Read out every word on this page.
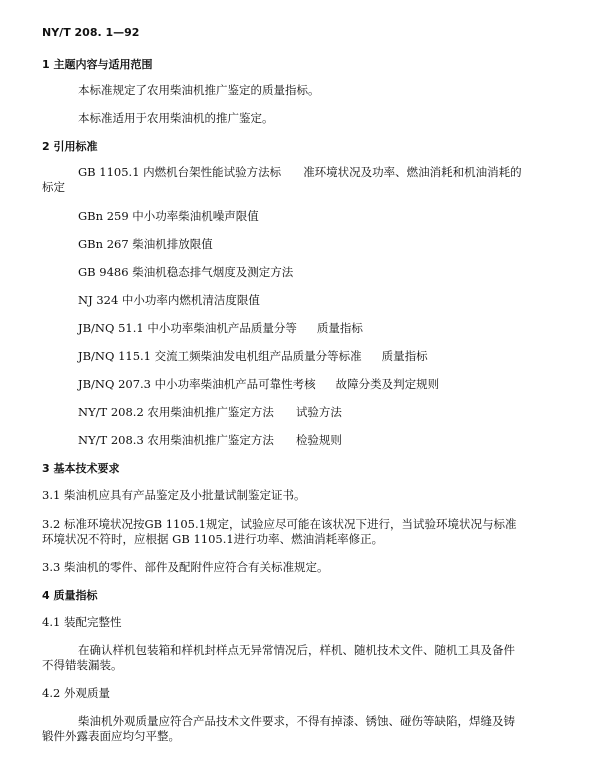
NY/T 208. 1—92
1 主题内容与适用范围
本标准规定了农用柴油机推广鉴定的质量指标。
本标准适用于农用柴油机的推广鉴定。
2 引用标准
GB 1105.1 内燃机台架性能试验方法标 准环境状况及功率、燃油消耗和机油消耗的
标定
GBn 259 中小功率柴油机噪声限值
GBn 267 柴油机排放限值
GB 9486 柴油机稳态排气烟度及测定方法
NJ 324 中小功率内燃机清洁度限值
JB/NQ 51.1 中小功率柴油机产品质量分等 质量指标
JB/NQ 115.1 交流工频柴油发电机组产品质量分等标准 质量指标
JB/NQ 207.3 中小功率柴油机产品可靠性考核 故障分类及判定规则
NY/T 208.2 农用柴油机推广鉴定方法 试验方法
NY/T 208.3 农用柴油机推广鉴定方法 检验规则
3 基本技术要求
3.1 柴油机应具有产品鉴定及小批量试制鉴定证书。
3.2 标准环境状况按GB 1105.1规定，试验应尽可能在该状况下进行，当试验环境状况与标准
环境状况不符时，应根据 GB 1105.1进行功率、燃油消耗率修正。
3.3 柴油机的零件、部件及配附件应符合有关标准规定。
4 质量指标
4.1 装配完整性
在确认样机包装箱和样机封样点无异常情况后，样机、随机技术文件、随机工具及备件
不得错装漏装。
4.2 外观质量
柴油机外观质量应符合产品技术文件要求，不得有掉漆、锈蚀、碰伤等缺陷，焊缝及铸
锻件外露表面应均匀平整。
